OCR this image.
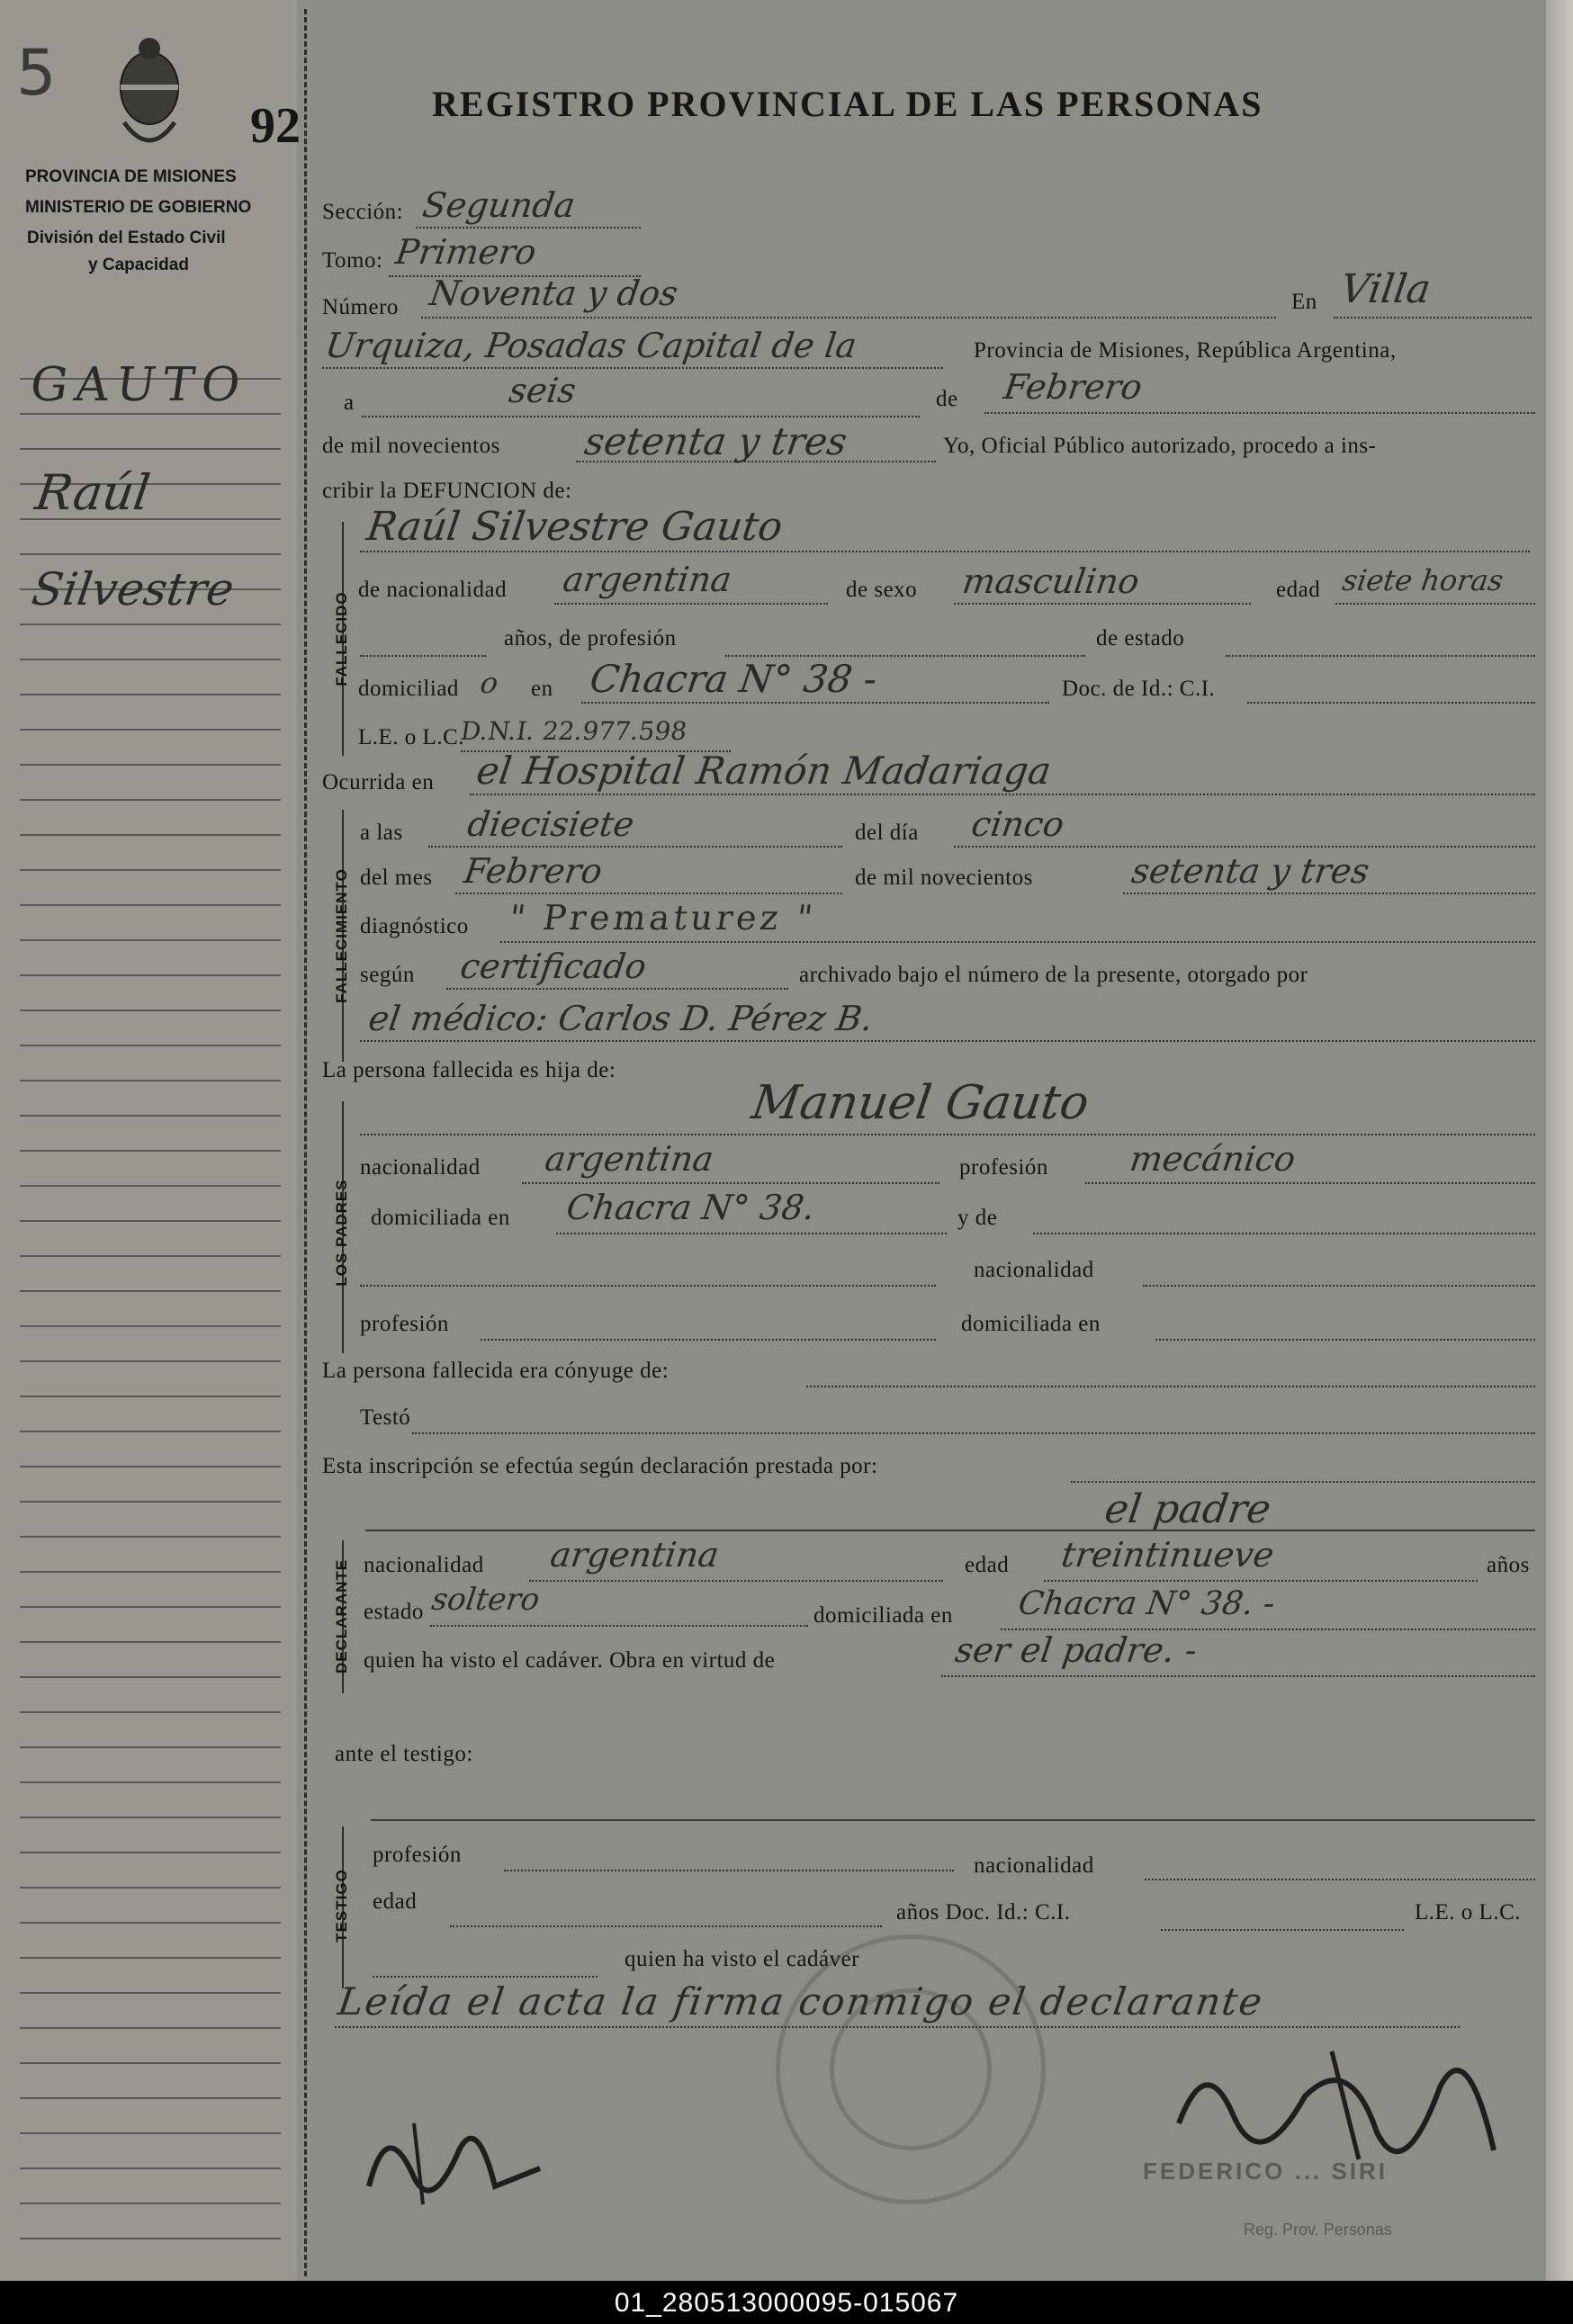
5
92	REGISTRO PROVINCIAL DE LAS PERSONAS
PROVINCIA DE MISIONES
MINISTERIO DE GOBIERNO
División del Estado Civil
y Capacidad
GAUTO
Raúl
Silvestre
Sección: Segunda
Tomo: Primero
Número Noventa y dos	En Villa
Urquiza, Posadas Capital de la	Provincia de Misiones, República Argentina,
a	seis	de Febrero
de mil novecientos setenta y tres	Yo, Oficial Público autorizado, procedo a ins-
cribir la DEFUNCION de:
FALLECIDO
Raúl Silvestre Gauto
de nacionalidad argentina	de sexo masculino	edad siete horas
años, de profesión	de estado
domiciliad o en Chacra N° 38 -	Doc. de Id.: C.I.
L.E. o L.C.
D.N.I. 22.977.598
Ocurrida en el Hospital Ramón Madariaga
FALLECIMIENTO
a las diecisiete	del día cinco
del mes Febrero	de mil novecientos	setenta y tres
diagnóstico " Prematurez "
según certificado	archivado bajo el número de la presente, otorgado por
el médico: Carlos D. Pérez B.
La persona fallecida es hija de:
Manuel Gauto
LOS PADRES
nacionalidad argentina	profesión mecánico
domiciliada en Chacra N° 38.	y de
nacionalidad
profesión	domiciliada en
La persona fallecida era cónyuge de:
Testó
Esta inscripción se efectúa según declaración prestada por:
el padre
DECLARANTE nacionalidad argentina	edad treintinueve	años
estado soltero	domiciliada en Chacra N° 38. -
quien ha visto el cadáver. Obra en virtud de	ser el padre. -
ante el testigo:
TESTIGO
profesión	nacionalidad
edad	años Doc. Id.: C.I.	L.E. o L.C.
quien ha visto el cadáver
Leída el acta la firma conmigo el declarante
FEDERICO ... SIRI
Reg. Prov. Personas
01_280513000095-015067
